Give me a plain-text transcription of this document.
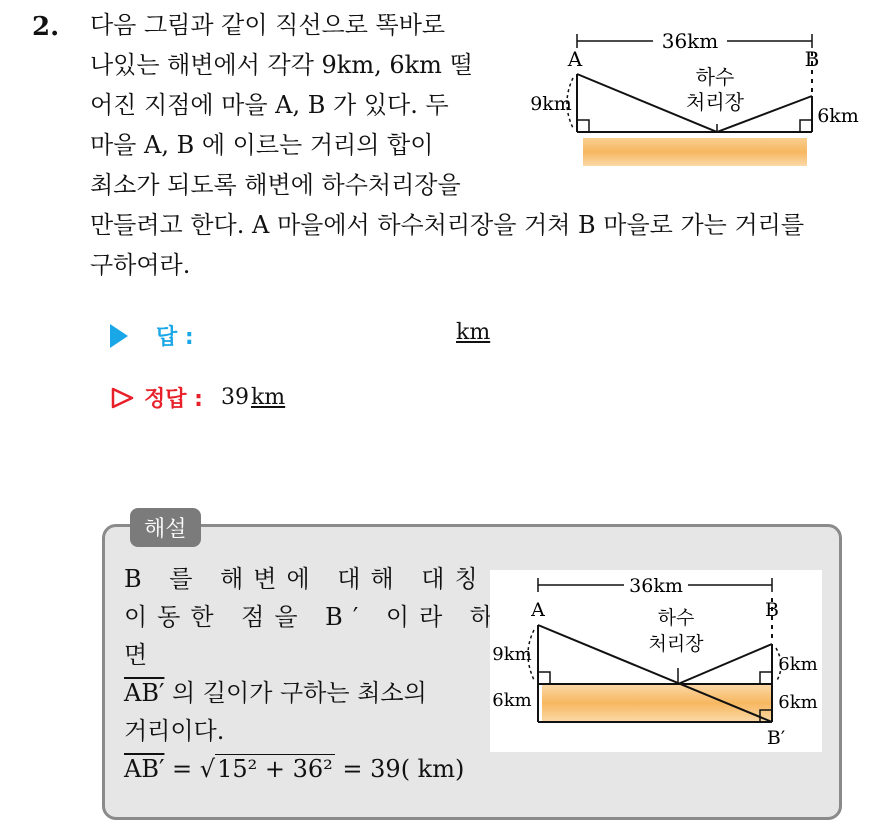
2. 다음 그림과 같이 직선으로 똑바로
나있는 해변에서 각각 9km, 6km 떨
어진 지점에 마을 A, B 가 있다. 두
마을 A, B 에 이르는 거리의 합이
최소가 되도록 해변에 하수처리장을
만들려고 한다. A 마을에서 하수처리장을 거쳐 B 마을로 가는 거리를
구하여라.
36km
A	B
하수
처리장
9km
6km
답 :	km
정답 : 39 km
해설
B 를 해변에 대해 대칭
이동한 점을 B′ 이라 하
면
AB′ 의 길이가 구하는 최소의
거리이다.
AB′ = √15² + 36² = 39( km)
36km
A	B
B′
하수
처리장
9km
6km
6km
6km
